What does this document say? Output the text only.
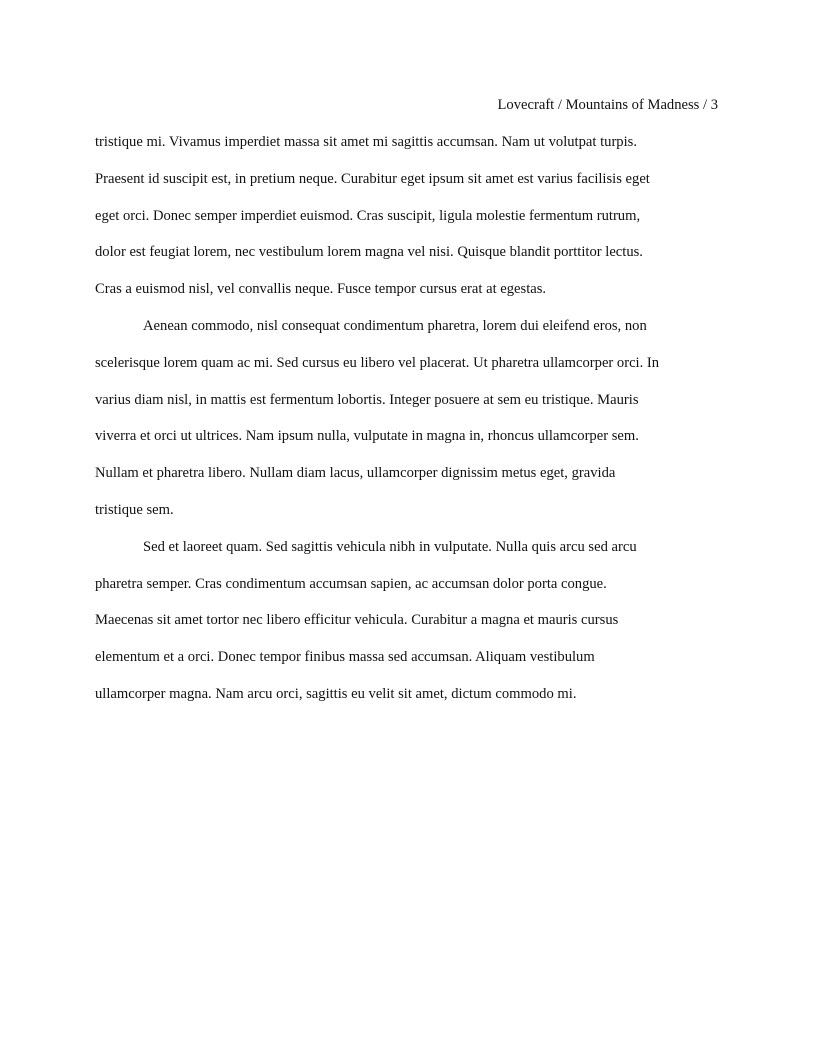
Lovecraft / Mountains of Madness / 3
tristique mi. Vivamus imperdiet massa sit amet mi sagittis accumsan. Nam ut volutpat turpis.
Praesent id suscipit est, in pretium neque. Curabitur eget ipsum sit amet est varius facilisis eget
eget orci. Donec semper imperdiet euismod. Cras suscipit, ligula molestie fermentum rutrum,
dolor est feugiat lorem, nec vestibulum lorem magna vel nisi. Quisque blandit porttitor lectus.
Cras a euismod nisl, vel convallis neque. Fusce tempor cursus erat at egestas.
Aenean commodo, nisl consequat condimentum pharetra, lorem dui eleifend eros, non
scelerisque lorem quam ac mi. Sed cursus eu libero vel placerat. Ut pharetra ullamcorper orci. In
varius diam nisl, in mattis est fermentum lobortis. Integer posuere at sem eu tristique. Mauris
viverra et orci ut ultrices. Nam ipsum nulla, vulputate in magna in, rhoncus ullamcorper sem.
Nullam et pharetra libero. Nullam diam lacus, ullamcorper dignissim metus eget, gravida
tristique sem.
Sed et laoreet quam. Sed sagittis vehicula nibh in vulputate. Nulla quis arcu sed arcu
pharetra semper. Cras condimentum accumsan sapien, ac accumsan dolor porta congue.
Maecenas sit amet tortor nec libero efficitur vehicula. Curabitur a magna et mauris cursus
elementum et a orci. Donec tempor finibus massa sed accumsan. Aliquam vestibulum
ullamcorper magna. Nam arcu orci, sagittis eu velit sit amet, dictum commodo mi.
